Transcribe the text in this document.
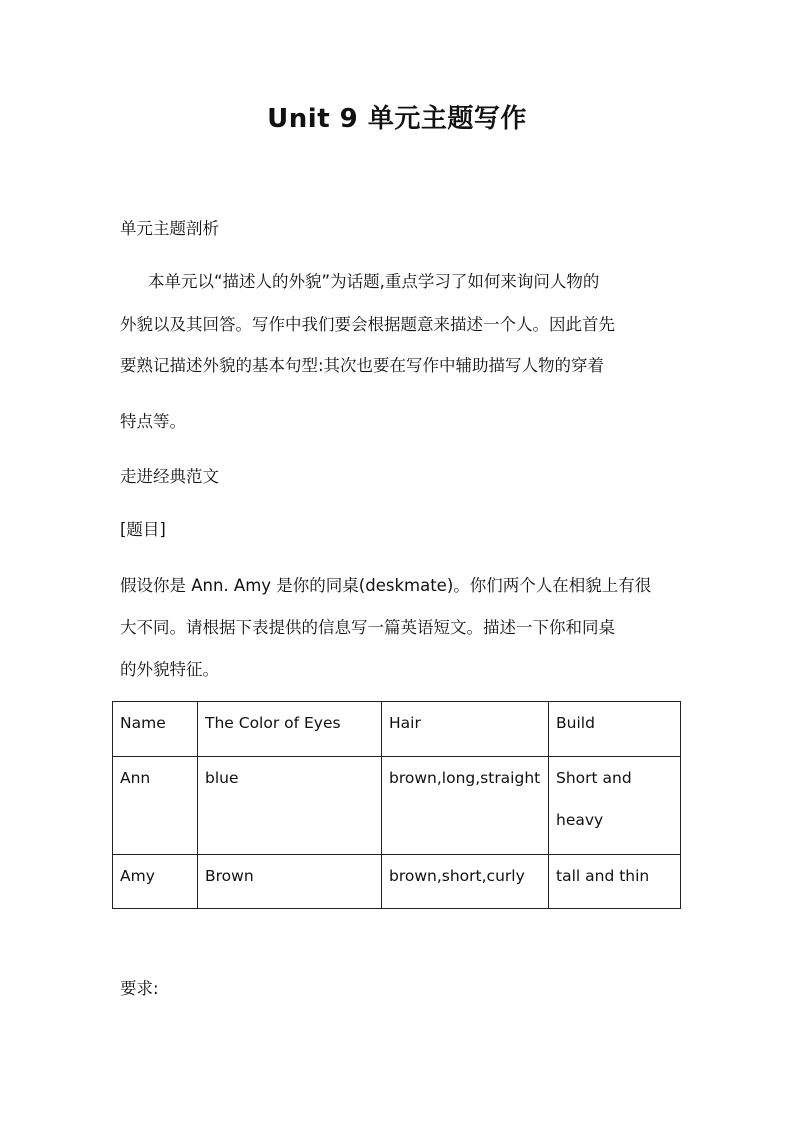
Unit 9 单元主题写作
单元主题剖析
本单元以“描述人的外貌”为话题,重点学习了如何来询问人物的
外貌以及其回答。写作中我们要会根据题意来描述一个人。因此首先
要熟记描述外貌的基本句型:其次也要在写作中辅助描写人物的穿着
特点等。
走进经典范文
[题目]
假设你是 Ann. Amy 是你的同桌(deskmate)。你们两个人在相貌上有很
大不同。请根据下表提供的信息写一篇英语短文。描述一下你和同桌
的外貌特征。
Name	The Color of Eyes	Hair	Build

Ann	blue	brown,long,straight	Short and
heavy

Amy	Brown	brown,short,curly	tall and thin
要求:
